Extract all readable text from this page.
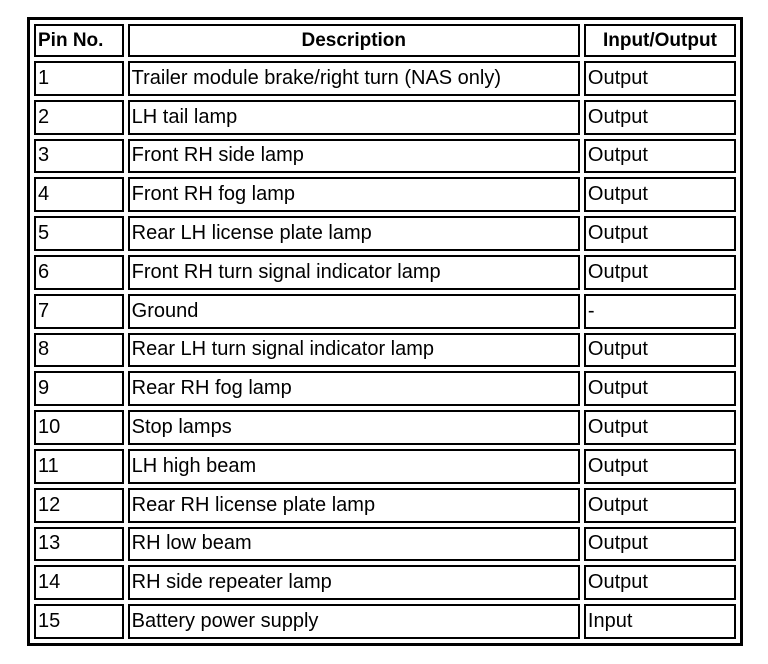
Pin No.	Description	Input/Output
1	Trailer module brake/right turn (NAS only)	Output
2	LH tail lamp	Output
3	Front RH side lamp	Output
4	Front RH fog lamp	Output
5	Rear LH license plate lamp	Output
6	Front RH turn signal indicator lamp	Output
7	Ground	-
8	Rear LH turn signal indicator lamp	Output
9	Rear RH fog lamp	Output
10	Stop lamps	Output
11	LH high beam	Output
12	Rear RH license plate lamp	Output
13	RH low beam	Output
14	RH side repeater lamp	Output
15	Battery power supply	Input
